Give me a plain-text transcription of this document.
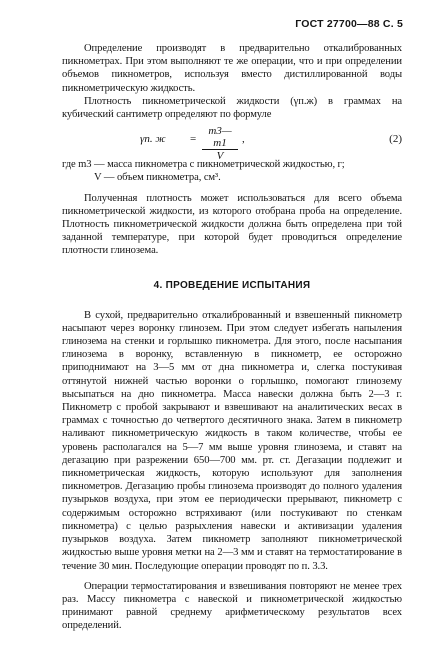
ГОСТ 27700—88 С. 5

Определение производят в предварительно откалиброванных пикнометрах. При этом выполняют те же операции, что и при определении объемов пикнометров, используя вместо дистиллированной воды пикнометрическую жидкость.

Плотность пикнометрической жидкости (γп.ж) в граммах на кубический сантиметр определяют по формуле

γп. $ж = \frac{m3—m1}{V}$ ,	(2)

где m3 — масса пикнометра с пикнометрической жидкостью, г;

V — объем пикнометра, см³.

Полученная плотность может использоваться для всего объема пикнометрической жидкости, из которого отобрана проба на определение. Плотность пикнометрической жидкости должна быть определена при той заданной температуре, при которой будет проводиться определение плотности глинозема.

4. ПРОВЕДЕНИЕ ИСПЫТАНИЯ

В сухой, предварительно откалиброванный и взвешенный пикнометр насыпают через воронку глинозем. При этом следует избегать напыления глинозема на стенки и горлышко пикнометра. Для этого, после насыпания глинозема в воронку, вставленную в пикнометр, ее осторожно приподнимают на 3—5 мм от дна пикнометра и, слегка постукивая оттянутой нижней частью воронки о горлышко, помогают глинозему высыпаться на дно пикнометра. Масса навески должна быть 2—3 г. Пикнометр с пробой закрывают и взвешивают на аналитических весах в граммах с точностью до четвертого десятичного знака. Затем в пикнометр наливают пикнометрическую жидкость в таком количестве, чтобы ее уровень располагался на 5—7 мм выше уровня глинозема, и ставят на дегазацию при разрежении 650—700 мм. рт. ст. Дегазации подлежит и пикнометрическая жидкость, которую используют для заполнения пикнометров. Дегазацию пробы глинозема производят до полного удаления пузырьков воздуха, при этом ее периодически прерывают, пикнометр с содержимым осторожно встряхивают (или постукивают по стенкам пикнометра) с целью разрыхления навески и активизации удаления пузырьков воздуха. Затем пикнометр заполняют пикнометрической жидкостью выше уровня метки на 2—3 мм и ставят на термостатирование в течение 30 мин. Последующие операции проводят по п. 3.3.

Операции термостатирования и взвешивания повторяют не менее трех раз. Массу пикнометра с навеской и пикнометрической жидкостью принимают равной среднему арифметическому результатов всех определений.
